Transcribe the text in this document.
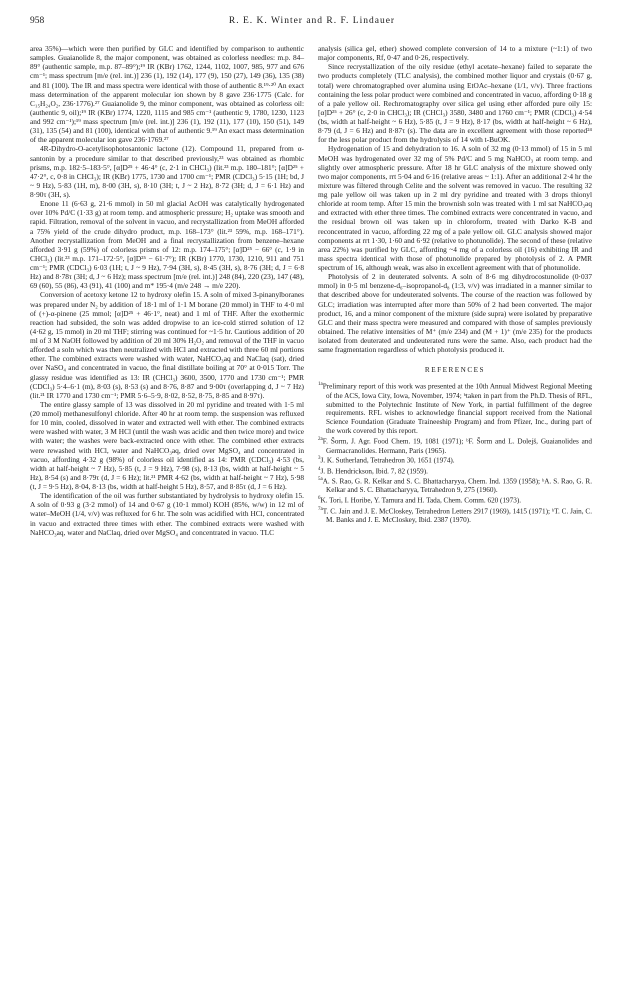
958	R. E. K. Winter and R. F. Lindauer

area 35%)—which were then purified by GLC and identified by comparison to authentic samples. Guaianolide 8, the major component, was obtained as colorless needles: m.p. 84–89° (authentic sample, m.p. 87–89°);¹⁹ IR (KBr) 1762, 1244, 1102, 1007, 985, 977 and 676 cm⁻¹; mass spectrum [m/e (rel. int.)] 236 (1), 192 (14), 177 (9), 150 (27), 149 (36), 135 (38) and 81 (100). The IR and mass spectra were identical with those of authentic 8.¹⁹·²⁰ An exact mass determination of the apparent molecular ion shown by 8 gave 236·1775 (Calc. for C₁₅H₂₄O₂, 236·1776).²⁷ Guaianolide 9, the minor component, was obtained as colorless oil: (authentic 9, oil);¹⁹ IR (KBr) 1774, 1220, 1115 and 985 cm⁻¹ (authentic 9, 1780, 1230, 1123 and 992 cm⁻¹);¹⁹ mass spectrum [m/e (rel. int.)] 236 (1), 192 (11), 177 (10), 150 (51), 149 (31), 135 (54) and 81 (100), identical with that of authentic 9.¹⁹ An exact mass determination of the apparent molecular ion gave 236·1769.²⁷

4R-Dihydro-O-acetylisophotosantonic lactone (12). Compound 11, prepared from α-santonin by a procedure similar to that described previously,²³ was obtained as rhombic prisms, m.p. 182·5–183·5°, [α]D²⁵ + 46·4° (c, 2·1 in CHCl₃) (lit.²³ m.p. 180–181°; [α]D²⁵ + 47·2°, c, 0·8 in CHCl₃); IR (KBr) 1775, 1730 and 1700 cm⁻¹; PMR (CDCl₃) 5·15 (1H; bd, J ~ 9 Hz), 5·83 (1H, m), 8·00 (3H, s), 8·10 (3H; t, J ~ 2 Hz), 8·72 (3H; d, J = 6·1 Hz) and 8·90τ (3H, s).

Enone 11 (6·63 g, 21·6 mmol) in 50 ml glacial AcOH was catalytically hydrogenated over 10% Pd/C (1·33 g) at room temp. and atmospheric pressure; H₂ uptake was smooth and rapid. Filtration, removal of the solvent in vacuo, and recrystallization from MeOH afforded a 75% yield of the crude dihydro product, m.p. 168–173° (lit.²³ 59%, m.p. 168–171°). Another recrystallization from MeOH and a final recrystallization from benzene–hexane afforded 3·91 g (59%) of colorless prisms of 12: m.p. 174–175°; [α]D²⁵ − 66° (c, 1·9 in CHCl₃) (lit.²³ m.p. 171–172·5°, [α]D²⁵ − 61·7°); IR (KBr) 1770, 1730, 1210, 911 and 751 cm⁻¹; PMR (CDCl₃) 6·03 (1H; t, J ~ 9 Hz), 7·94 (3H, s), 8·45 (3H, s), 8·76 (3H; d, J = 6·8 Hz) and 8·78τ (3H; d, J ~ 6 Hz); mass spectrum [m/e (rel. int.)] 248 (84), 220 (23), 147 (48), 69 (60), 55 (86), 43 (91), 41 (100) and m* 195·4 (m/e 248 → m/e 220).

Conversion of acetoxy ketone 12 to hydroxy olefin 15. A soln of mixed 3-pinanylboranes was prepared under N₂ by addition of 18·1 ml of 1·1 M borane (20 mmol) in THF to 4·0 ml of (+)-α-pinene (25 mmol; [α]D²⁵ + 46·1°, neat) and 1 ml of THF. After the exothermic reaction had subsided, the soln was added dropwise to an ice-cold stirred solution of 12 (4·62 g, 15 mmol) in 20 ml THF; stirring was continued for ~1·5 hr. Cautious addition of 20 ml of 3 M NaOH followed by addition of 20 ml 30% H₂O₂ and removal of the THF in vacuo afforded a soln which was then neutralized with HCl and extracted with three 60 ml portions ether. The combined extracts were washed with water, NaHCO₃aq and NaClaq (sat), dried over NaSO₄ and concentrated in vacuo, the final distillate boiling at 70° at 0·015 Torr. The glassy residue was identified as 13: IR (CHCl₃) 3600, 3500, 1770 and 1730 cm⁻¹; PMR (CDCl₃) 5·4–6·1 (m), 8·03 (s), 8·53 (s) and 8·76, 8·87 and 9·00τ (overlapping d, J ~ 7 Hz) (lit.²¹ IR 1770 and 1730 cm⁻¹; PMR 5·6–5·9, 8·02, 8·52, 8·75, 8·85 and 8·97τ).

The entire glassy sample of 13 was dissolved in 20 ml pyridine and treated with 1·5 ml (20 mmol) methanesulfonyl chloride. After 40 hr at room temp. the suspension was refluxed for 10 min, cooled, dissolved in water and extracted well with ether. The combined extracts were washed with water, 3 M HCl (until the wash was acidic and then twice more) and twice with water; the washes were back-extracted once with ether. The combined ether extracts were rewashed with HCl, water and NaHCO₃aq, dried over MgSO₄ and concentrated in vacuo, affording 4·32 g (98%) of colorless oil identified as 14: PMR (CDCl₃) 4·53 (bs, width at half-height ~ 7 Hz), 5·85 (t, J = 9 Hz), 7·98 (s), 8·13 (bs, width at half-height ~ 5 Hz), 8·54 (s) and 8·79τ (d, J = 6 Hz); lit.²¹ PMR 4·62 (bs, width at half-height ~ 7 Hz), 5·98 (t, J = 9·5 Hz), 8·04, 8·13 (bs, width at half-height 5 Hz), 8·57, and 8·85τ (d, J = 6 Hz).

The identification of the oil was further substantiated by hydrolysis to hydroxy olefin 15. A soln of 0·93 g (3·2 mmol) of 14 and 0·67 g (10·1 mmol) KOH (85%, w/w) in 12 ml of water–MeOH (1/4, v/v) was refluxed for 6 hr. The soln was acidified with HCl, concentrated in vacuo and extracted three times with ether. The combined extracts were washed with NaHCO₃aq, water and NaClaq, dried over MgSO₄ and concentrated in vacuo. TLC

analysis (silica gel, ether) showed complete conversion of 14 to a mixture (~1:1) of two major components, Rf, 0·47 and 0·26, respectively.

Since recrystallization of the oily residue (ethyl acetate–hexane) failed to separate the two products completely (TLC analysis), the combined mother liquor and crystais (0·67 g, total) were chromatographed over alumina using EtOAc–hexane (1/1, v/v). Three fractions containing the less polar product were combined and concentrated in vacuo, affording 0·18 g of a pale yellow oil. Rechromatography over silica gel using ether afforded pure oily 15: [α]D²⁵ + 26° (c, 2·0 in CHCl₃); IR (CHCl₃) 3580, 3480 and 1760 cm⁻¹; PMR (CDCl₃) 4·54 (bs, width at half-height ~ 6 Hz), 5·85 (t, J = 9 Hz), 8·17 (bs, width at half-height ~ 6 Hz), 8·79 (d, J = 6 Hz) and 8·87τ (s). The data are in excellent agreement with those reported²⁴ for the less polar product from the hydrolysis of 14 with t-BuOK.

Hydrogenation of 15 and dehydration to 16. A soln of 32 mg (0·13 mmol) of 15 in 5 ml MeOH was hydrogenated over 32 mg of 5% Pd/C and 5 mg NaHCO₃ at room temp. and slightly over atmospheric pressure. After 18 hr GLC analysis of the mixture showed only two major components, rrt 5·04 and 6·16 (relative areas ~ 1:1). After an additional 2·4 hr the mixture was filtered through Celite and the solvent was removed in vacuo. The resulting 32 mg pale yellow oil was taken up in 2 ml dry pyridine and treated with 3 drops thionyl chloride at room temp. After 15 min the brownish soln was treated with 1 ml sat NaHCO₃aq and extracted with ether three times. The combined extracts were concentrated in vacuo, and the residual brown oil was taken up in chloroform, treated with Darko K-B and reconcentrated in vacuo, affording 22 mg of a pale yellow oil. GLC analysis showed major components at rrt 1·30, 1·60 and 6·92 (relative to photunolide). The second of these (relative area 22%) was purified by GLC, affording ~4 mg of a colorless oil (16) exhibiting IR and mass spectra identical with those of photunolide prepared by photolysis of 2. A PMR spectrum of 16, although weak, was also in excellent agreement with that of photunolide.

Photolysis of 2 in deuterated solvents. A soln of 8·6 mg dihydrocostunolide (0·037 mmol) in 0·5 ml benzene-d₆–isopropanol-d₈ (1:3, v/v) was irradiated in a manner similar to that described above for undeuterated solvents. The course of the reaction was followed by GLC; irradiation was interrupted after more than 50% of 2 had been converted. The major product, 16, and a minor component of the mixture (side supra) were isolated by preparative GLC and their mass spectra were measured and compared with those of samples previously obtained. The relative intensities of M⁺ (m/e 234) and (M + 1)⁺ (m/e 235) for the products isolated from deuterated and undeuterated runs were the same. Also, each product had the same fragmentation regardless of which photolysis produced it.

REFERENCES
$^{1a}$Preliminary report of this work was presented at the 10th Annual Midwest Regional Meeting of the ACS, Iowa City, Iowa, November, 1974; ᵇtaken in part from the Ph.D. Thesis of RFL, submitted to the Polytechnic Institute of New York, in partial fulfillment of the degree requirements. RFL wishes to acknowledge financial support received from the National Science Foundation (Graduate Traineeship Program) and from Pfizer, Inc., during part of the work covered by this report.
$^{2a}$F. Šorm, J. Agr. Food Chem. 19, 1081 (1971); ᵇF. Šorm and L. Dolejš, Guaianolides and Germacranolides. Hermann, Paris (1965).
$^3$J. K. Sutherland, Tetrahedron 30, 1651 (1974).
$^4$J. B. Hendrickson, Ibid. 7, 82 (1959).
$^{5a}$A. S. Rao, G. R. Kelkar and S. C. Bhattacharyya, Chem. Ind. 1359 (1958); ᵇA. S. Rao, G. R. Kelkar and S. C. Bhattacharyya, Tetrahedron 9, 275 (1960).
$^6$K. Tori, I. Horibe, Y. Tamura and H. Tada, Chem. Comm. 620 (1973).
$^{7a}$T. C. Jain and J. E. McCloskey, Tetrahedron Letters 2917 (1969), 1415 (1971); ᵇT. C. Jain, C. M. Banks and J. E. McCloskey, Ibid. 2387 (1970).
